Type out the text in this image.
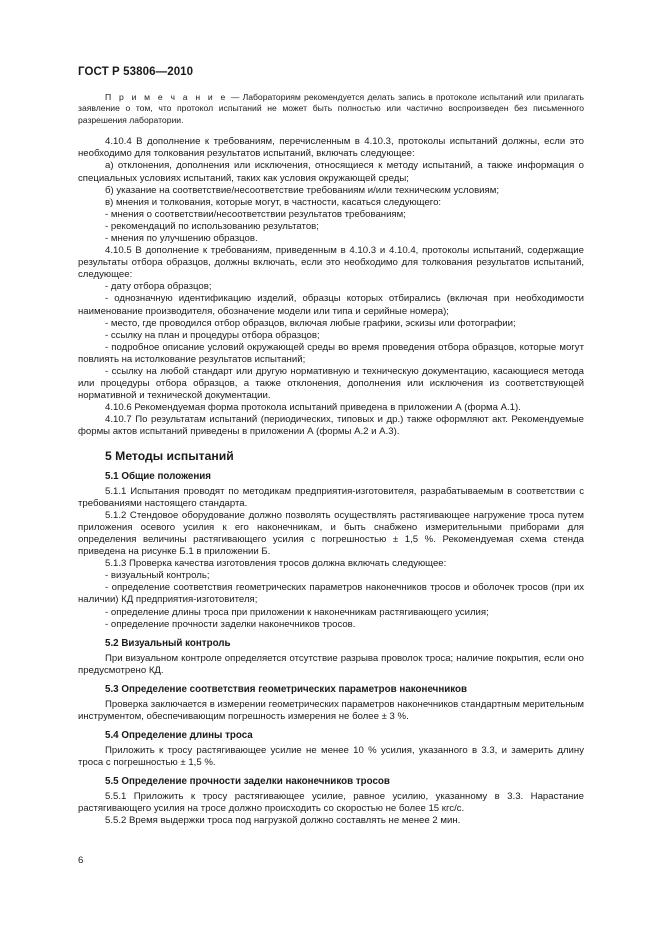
ГОСТ Р 53806—2010

П р и м е ч а н и е — Лабораториям рекомендуется делать запись в протоколе испытаний или прилагать заявление о том, что протокол испытаний не может быть полностью или частично воспроизведен без письменного разрешения лаборатории.

4.10.4 В дополнение к требованиям, перечисленным в 4.10.3, протоколы испытаний должны, если это необходимо для толкования результатов испытаний, включать следующее:

а) отклонения, дополнения или исключения, относящиеся к методу испытаний, а также информация о специальных условиях испытаний, таких как условия окружающей среды;

б) указание на соответствие/несоответствие требованиям и/или техническим условиям;

в) мнения и толкования, которые могут, в частности, касаться следующего:

- мнения о соответствии/несоответствии результатов требованиям;

- рекомендаций по использованию результатов;

- мнения по улучшению образцов.

4.10.5 В дополнение к требованиям, приведенным в 4.10.3 и 4.10.4, протоколы испытаний, содержащие результаты отбора образцов, должны включать, если это необходимо для толкования результатов испытаний, следующее:

- дату отбора образцов;

- однозначную идентификацию изделий, образцы которых отбирались (включая при необходимости наименование производителя, обозначение модели или типа и серийные номера);

- место, где проводился отбор образцов, включая любые графики, эскизы или фотографии;

- ссылку на план и процедуры отбора образцов;

- подробное описание условий окружающей среды во время проведения отбора образцов, которые могут повлиять на истолкование результатов испытаний;

- ссылку на любой стандарт или другую нормативную и техническую документацию, касающиеся метода или процедуры отбора образцов, а также отклонения, дополнения или исключения из соответствующей нормативной и технической документации.

4.10.6 Рекомендуемая форма протокола испытаний приведена в приложении А (форма А.1).

4.10.7 По результатам испытаний (периодических, типовых и др.) также оформляют акт. Рекомендуемые формы актов испытаний приведены в приложении А (формы А.2 и А.3).

5 Методы испытаний
5.1 Общие положения

5.1.1 Испытания проводят по методикам предприятия-изготовителя, разрабатываемым в соответствии с требованиями настоящего стандарта.

5.1.2 Стендовое оборудование должно позволять осуществлять растягивающее нагружение троса путем приложения осевого усилия к его наконечникам, и быть снабжено измерительными приборами для определения величины растягивающего усилия с погрешностью ± 1,5 %. Рекомендуемая схема стенда приведена на рисунке Б.1 в приложении Б.

5.1.3 Проверка качества изготовления тросов должна включать следующее:

- визуальный контроль;

- определение соответствия геометрических параметров наконечников тросов и оболочек тросов (при их наличии) КД предприятия-изготовителя;

- определение длины троса при приложении к наконечникам растягивающего усилия;

- определение прочности заделки наконечников тросов.

5.2 Визуальный контроль

При визуальном контроле определяется отсутствие разрыва проволок троса; наличие покрытия, если оно предусмотрено КД.

5.3 Определение соответствия геометрических параметров наконечников

Проверка заключается в измерении геометрических параметров наконечников стандартным мерительным инструментом, обеспечивающим погрешность измерения не более ± 3 %.

5.4 Определение длины троса

Приложить к тросу растягивающее усилие не менее 10 % усилия, указанного в 3.3, и замерить длину троса с погрешностью ± 1,5 %.

5.5 Определение прочности заделки наконечников тросов

5.5.1 Приложить к тросу растягивающее усилие, равное усилию, указанному в 3.3. Нарастание растягивающего усилия на тросе должно происходить со скоростью не более 15 кгс/с.

5.5.2 Время выдержки троса под нагрузкой должно составлять не менее 2 мин.

6
